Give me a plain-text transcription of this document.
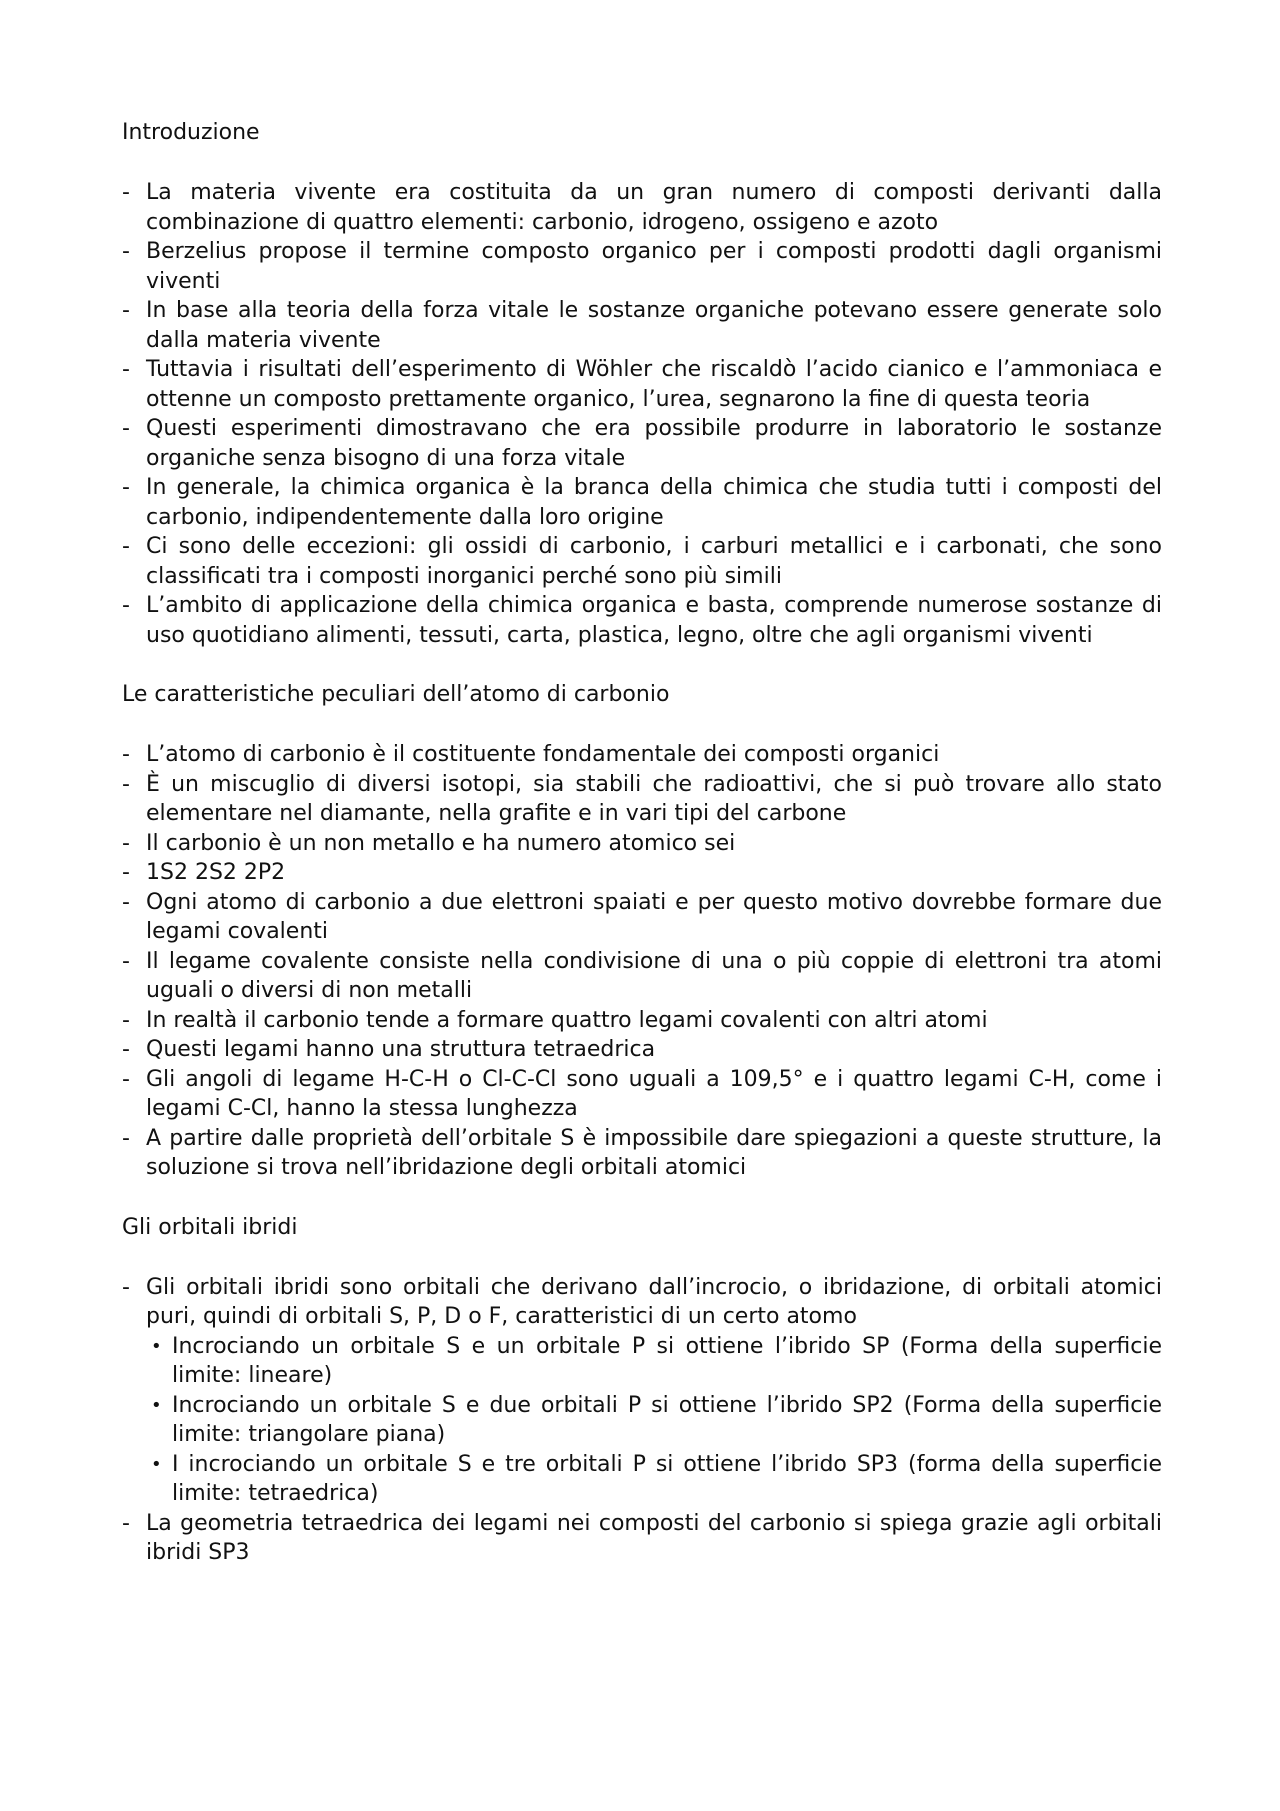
Introduzione

- La materia vivente era costituita da un gran numero di composti derivanti dalla combinazione di quattro elementi: carbonio, idrogeno, ossigeno e azoto
- Berzelius propose il termine composto organico per i composti prodotti dagli organismi viventi
- In base alla teoria della forza vitale le sostanze organiche potevano essere generate solo dalla materia vivente
- Tuttavia i risultati dell’esperimento di Wöhler che riscaldò l’acido cianico e l’ammoniaca e ottenne un composto prettamente organico, l’urea, segnarono la fine di questa teoria
- Questi esperimenti dimostravano che era possibile produrre in laboratorio le sostanze organiche senza bisogno di una forza vitale
- In generale, la chimica organica è la branca della chimica che studia tutti i composti del carbonio, indipendentemente dalla loro origine
- Ci sono delle eccezioni: gli ossidi di carbonio, i carburi metallici e i carbonati, che sono classificati tra i composti inorganici perché sono più simili
- L’ambito di applicazione della chimica organica e basta, comprende numerose sostanze di uso quotidiano alimenti, tessuti, carta, plastica, legno, oltre che agli organismi viventi

Le caratteristiche peculiari dell’atomo di carbonio

- L’atomo di carbonio è il costituente fondamentale dei composti organici
- È un miscuglio di diversi isotopi, sia stabili che radioattivi, che si può trovare allo stato elementare nel diamante, nella grafite e in vari tipi del carbone
- Il carbonio è un non metallo e ha numero atomico sei
- 1S2 2S2 2P2
- Ogni atomo di carbonio a due elettroni spaiati e per questo motivo dovrebbe formare due legami covalenti
- Il legame covalente consiste nella condivisione di una o più coppie di elettroni tra atomi uguali o diversi di non metalli
- In realtà il carbonio tende a formare quattro legami covalenti con altri atomi
- Questi legami hanno una struttura tetraedrica
- Gli angoli di legame H-C-H o Cl-C-Cl sono uguali a 109,5° e i quattro legami C-H, come i legami C-Cl, hanno la stessa lunghezza
- A partire dalle proprietà dell’orbitale S è impossibile dare spiegazioni a queste strutture, la soluzione si trova nell’ibridazione degli orbitali atomici

Gli orbitali ibridi

- Gli orbitali ibridi sono orbitali che derivano dall’incrocio, o ibridazione, di orbitali atomici puri, quindi di orbitali S, P, D o F, caratteristici di un certo atomo
• Incrociando un orbitale S e un orbitale P si ottiene l’ibrido SP (Forma della superficie limite: lineare)
• Incrociando un orbitale S e due orbitali P si ottiene l’ibrido SP2 (Forma della superficie limite: triangolare piana)
• I incrociando un orbitale S e tre orbitali P si ottiene l’ibrido SP3 (forma della superficie limite: tetraedrica)
- La geometria tetraedrica dei legami nei composti del carbonio si spiega grazie agli orbitali ibridi SP3
